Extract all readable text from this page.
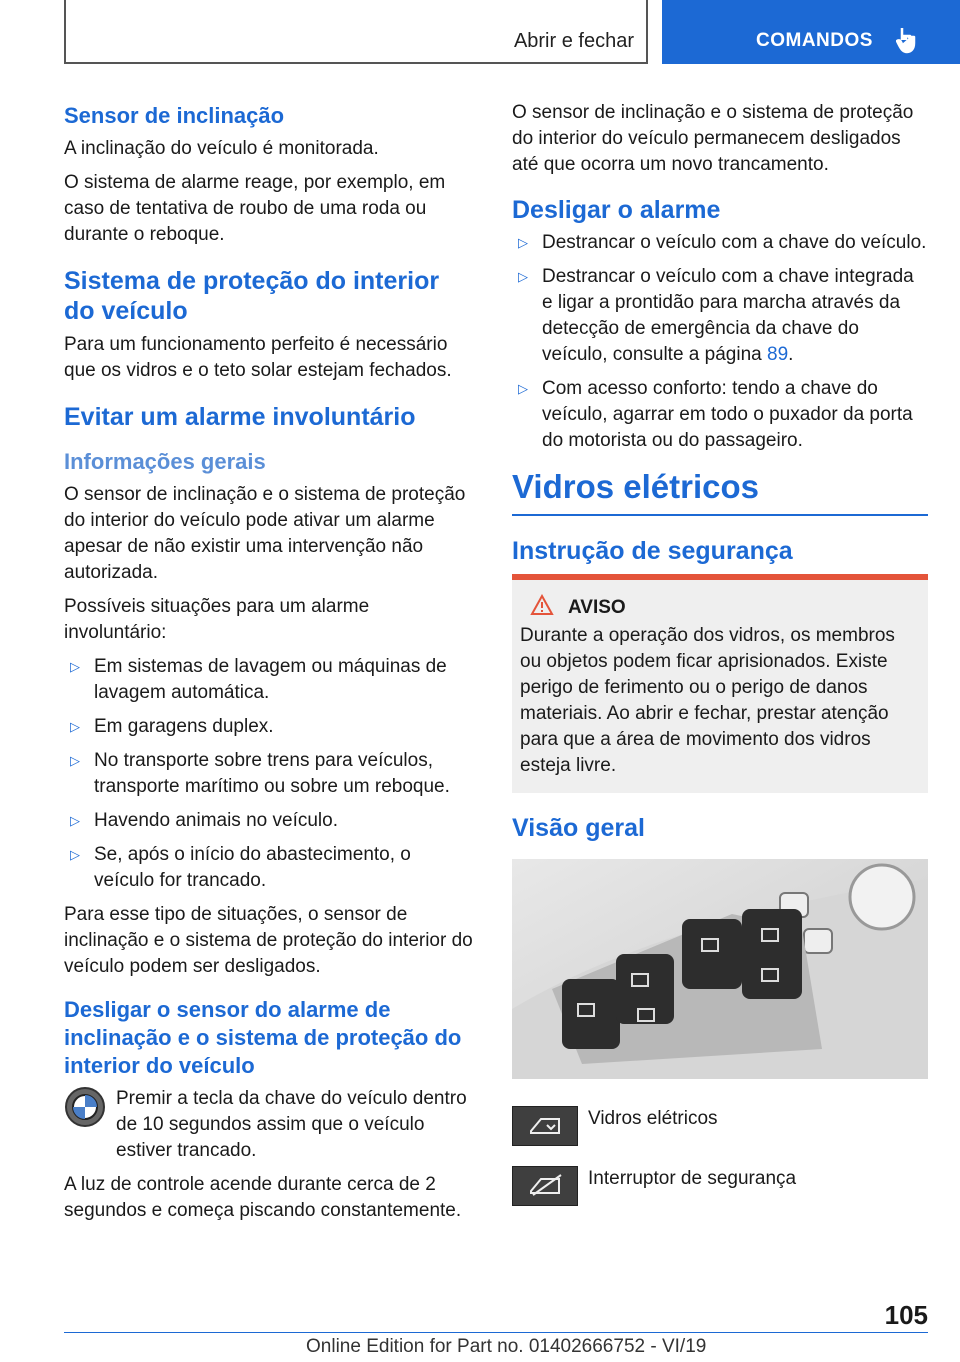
Abrir e fechar	COMANDOS
Sensor de inclinação

A inclinação do veículo é monitorada.

O sistema de alarme reage, por exemplo, em caso de tentativa de roubo de uma roda ou durante o reboque.

Sistema de proteção do interior do veículo

Para um funcionamento perfeito é necessário que os vidros e o teto solar estejam fechados.

Evitar um alarme involuntário
Informações gerais

O sensor de inclinação e o sistema de proteção do interior do veículo pode ativar um alarme apesar de não existir uma intervenção não autorizada.

Possíveis situações para um alarme involuntário:

▷ Em sistemas de lavagem ou máquinas de lavagem automática.
▷ Em garagens duplex.
▷ No transporte sobre trens para veículos, transporte marítimo ou sobre um reboque.
▷ Havendo animais no veículo.
▷ Se, após o início do abastecimento, o veículo for trancado.

Para esse tipo de situações, o sensor de inclinação e o sistema de proteção do interior do veículo podem ser desligados.

Desligar o sensor do alarme de inclinação e o sistema de proteção do interior do veículo

Premir a tecla da chave do veículo dentro de 10 segundos assim que o veículo estiver trancado.

A luz de controle acende durante cerca de 2 segundos e começa piscando constantemente.

O sensor de inclinação e o sistema de proteção do interior do veículo permanecem desligados até que ocorra um novo trancamento.

Desligar o alarme
▷ Destrancar o veículo com a chave do veículo.
▷ Destrancar o veículo com a chave integrada e ligar a prontidão para marcha através da detecção de emergência da chave do veículo, consulte a página 89.
▷ Com acesso conforto: tendo a chave do veículo, agarrar em todo o puxador da porta do motorista ou do passageiro.
Vidros elétricos
Instrução de segurança
AVISO

Durante a operação dos vidros, os membros ou objetos podem ficar aprisionados. Existe perigo de ferimento ou o perigo de danos materiais. Ao abrir e fechar, prestar atenção para que a área de movimento dos vidros esteja livre.

Visão geral
Vidros elétricos
Interruptor de segurança
105
Online Edition for Part no. 01402666752 - VI/19
